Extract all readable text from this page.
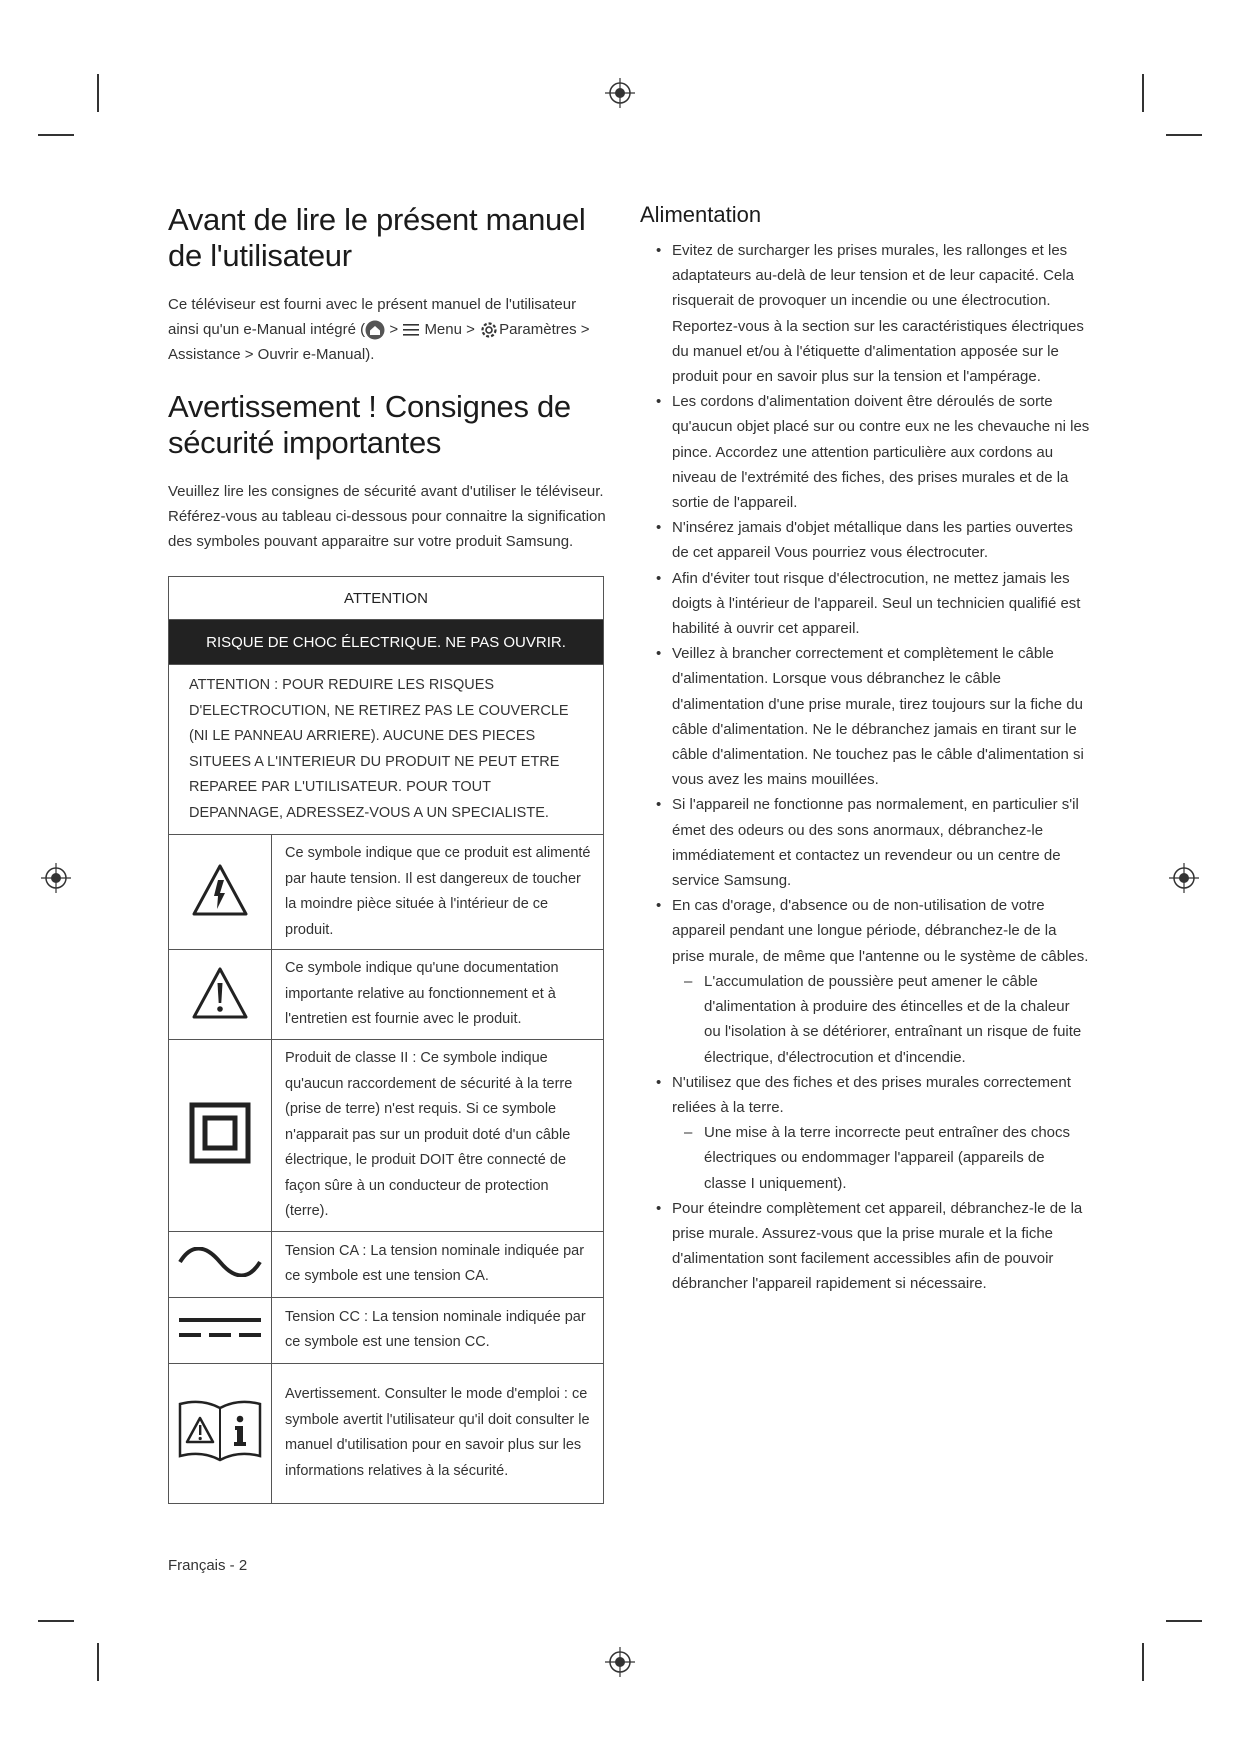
Avant de lire le présent manuel de l'utilisateur

Ce téléviseur est fourni avec le présent manuel de l'utilisateur ainsi qu'un e-Manual intégré ( >  Menu > Paramètres > Assistance > Ouvrir e-Manual).

Avertissement ! Consignes de sécurité importantes

Veuillez lire les consignes de sécurité avant d'utiliser le téléviseur. Référez-vous au tableau ci-dessous pour connaitre la signification des symboles pouvant apparaitre sur votre produit Samsung.

ATTENTION	
RISQUE DE CHOC ÉLECTRIQUE. NE PAS OUVRIR.	
ATTENTION : POUR REDUIRE LES RISQUES D'ELECTROCUTION, NE RETIREZ PAS LE COUVERCLE (NI LE PANNEAU ARRIERE). AUCUNE DES PIECES SITUEES A L'INTERIEUR DU PRODUIT NE PEUT ETRE REPAREE PAR L'UTILISATEUR. POUR TOUT DEPANNAGE, ADRESSEZ-VOUS A UN SPECIALISTE.	
	Ce symbole indique que ce produit est alimenté par haute tension. Il est dangereux de toucher la moindre pièce située à l'intérieur de ce produit.
	Ce symbole indique qu'une documentation importante relative au fonctionnement et à l'entretien est fournie avec le produit.
	Produit de classe II : Ce symbole indique qu'aucun raccordement de sécurité à la terre (prise de terre) n'est requis. Si ce symbole n'apparait pas sur un produit doté d'un câble électrique, le produit DOIT être connecté de façon sûre à un conducteur de protection (terre).
	Tension CA : La tension nominale indiquée par ce symbole est une tension CA.
	Tension CC : La tension nominale indiquée par ce symbole est une tension CC.
	Avertissement. Consulter le mode d'emploi : ce symbole avertit l'utilisateur qu'il doit consulter le manuel d'utilisation pour en savoir plus sur les informations relatives à la sécurité.
Alimentation
• Evitez de surcharger les prises murales, les rallonges et les adaptateurs au-delà de leur tension et de leur capacité. Cela risquerait de provoquer un incendie ou une électrocution. Reportez-vous à la section sur les caractéristiques électriques du manuel et/ou à l'étiquette d'alimentation apposée sur le produit pour en savoir plus sur la tension et l'ampérage.
• Les cordons d'alimentation doivent être déroulés de sorte qu'aucun objet placé sur ou contre eux ne les chevauche ni les pince. Accordez une attention particulière aux cordons au niveau de l'extrémité des fiches, des prises murales et de la sortie de l'appareil.
• N'insérez jamais d'objet métallique dans les parties ouvertes de cet appareil Vous pourriez vous électrocuter.
• Afin d'éviter tout risque d'électrocution, ne mettez jamais les doigts à l'intérieur de l'appareil. Seul un technicien qualifié est habilité à ouvrir cet appareil.
• Veillez à brancher correctement et complètement le câble d'alimentation. Lorsque vous débranchez le câble d'alimentation d'une prise murale, tirez toujours sur la fiche du câble d'alimentation. Ne le débranchez jamais en tirant sur le câble d'alimentation. Ne touchez pas le câble d'alimentation si vous avez les mains mouillées.
• Si l'appareil ne fonctionne pas normalement, en particulier s'il émet des odeurs ou des sons anormaux, débranchez-le immédiatement et contactez un revendeur ou un centre de service Samsung.
• En cas d'orage, d'absence ou de non-utilisation de votre appareil pendant une longue période, débranchez-le de la prise murale, de même que l'antenne ou le système de câbles.
– L'accumulation de poussière peut amener le câble d'alimentation à produire des étincelles et de la chaleur ou l'isolation à se détériorer, entraînant un risque de fuite électrique, d'électrocution et d'incendie.
• N'utilisez que des fiches et des prises murales correctement reliées à la terre.
– Une mise à la terre incorrecte peut entraîner des chocs électriques ou endommager l'appareil (appareils de classe I uniquement).
• Pour éteindre complètement cet appareil, débranchez-le de la prise murale. Assurez-vous que la prise murale et la fiche d'alimentation sont facilement accessibles afin de pouvoir débrancher l'appareil rapidement si nécessaire.
Français - 2
